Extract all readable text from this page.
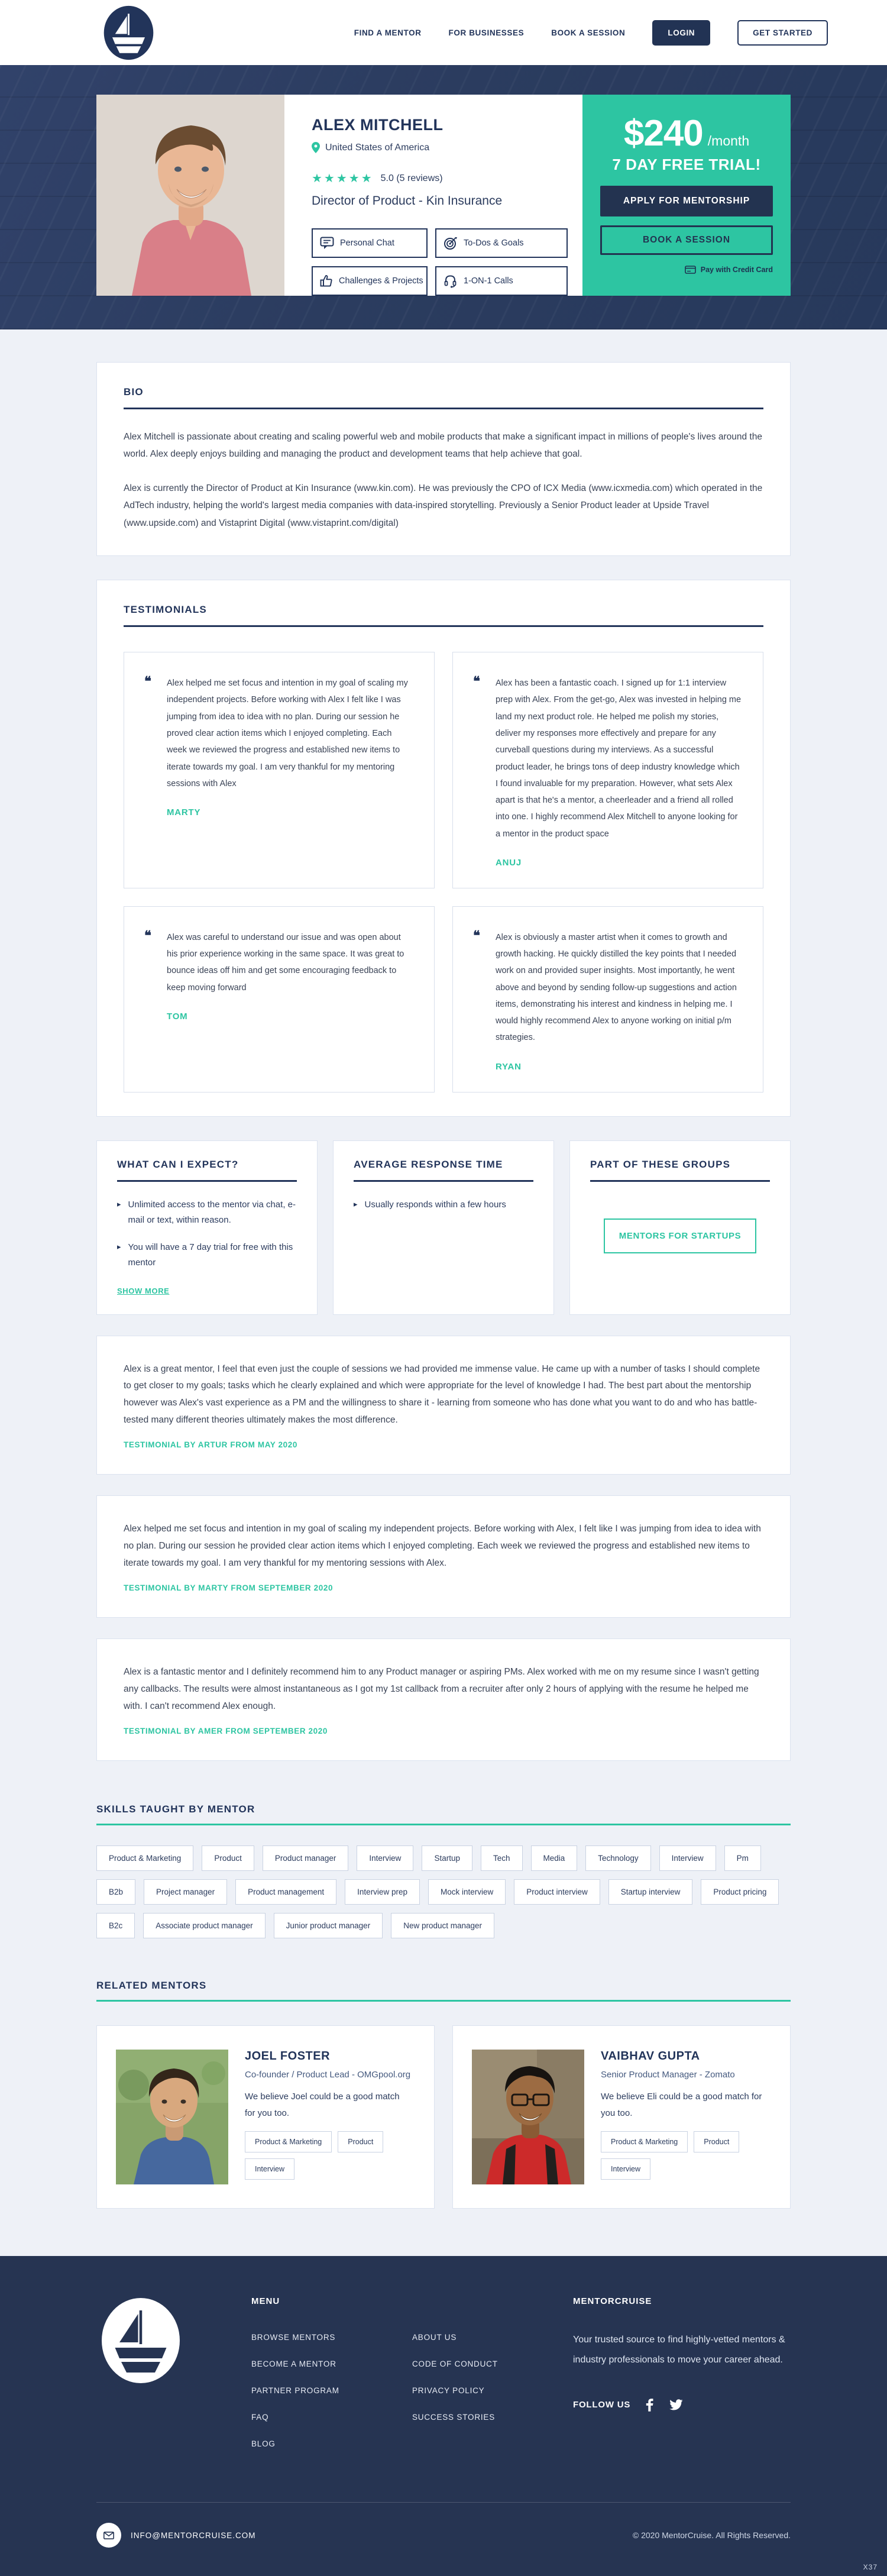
FIND A MENTOR	FOR BUSINESSES	BOOK A SESSION	LOGIN	GET STARTED
ALEX MITCHELL
United States of America
★★★★★ 5.0 (5 reviews)
Director of Product - Kin Insurance
Personal Chat	To-Dos & Goals
Challenges & Projects	1-ON-1 Calls
$240 /month
7 DAY FREE TRIAL!
APPLY FOR MENTORSHIP
BOOK A SESSION
Pay with Credit Card
BIO

Alex Mitchell is passionate about creating and scaling powerful web and mobile products that make a significant impact in millions of people's lives around the world. Alex deeply enjoys building and managing the product and development teams that help achieve that goal.

Alex is currently the Director of Product at Kin Insurance (www.kin.com). He was previously the CPO of ICX Media (www.icxmedia.com) which operated in the AdTech industry, helping the world's largest media companies with data-inspired storytelling. Previously a Senior Product leader at Upside Travel (www.upside.com) and Vistaprint Digital (www.vistaprint.com/digital)

TESTIMONIALS
❝	Alex helped me set focus and intention in my goal of scaling my independent projects. Before working with Alex I felt like I was jumping from idea to idea with no plan. During our session he proved clear action items which I enjoyed completing. Each week we reviewed the progress and established new items to iterate towards my goal. I am very thankful for my mentoring sessions with Alex
MARTY
❝	Alex has been a fantastic coach. I signed up for 1:1 interview prep with Alex. From the get-go, Alex was invested in helping me land my next product role. He helped me polish my stories, deliver my responses more effectively and prepare for any curveball questions during my interviews. As a successful product leader, he brings tons of deep industry knowledge which I found invaluable for my preparation. However, what sets Alex apart is that he's a mentor, a cheerleader and a friend all rolled into one. I highly recommend Alex Mitchell to anyone looking for a mentor in the product space
ANUJ
❝	Alex was careful to understand our issue and was open about his prior experience working in the same space. It was great to bounce ideas off him and get some encouraging feedback to keep moving forward
TOM
❝	Alex is obviously a master artist when it comes to growth and growth hacking. He quickly distilled the key points that I needed work on and provided super insights. Most importantly, he went above and beyond by sending follow-up suggestions and action items, demonstrating his interest and kindness in helping me. I would highly recommend Alex to anyone working on initial p/m strategies.
RYAN
WHAT CAN I EXPECT?
▸ Unlimited access to the mentor via chat, e-mail or text, within reason.
▸ You will have a 7 day trial for free with this mentor
SHOW MORE
AVERAGE RESPONSE TIME
▸ Usually responds within a few hours
PART OF THESE GROUPS
MENTORS FOR STARTUPS

Alex is a great mentor, I feel that even just the couple of sessions we had provided me immense value. He came up with a number of tasks I should complete to get closer to my goals; tasks which he clearly explained and which were appropriate for the level of knowledge I had. The best part about the mentorship however was Alex's vast experience as a PM and the willingness to share it - learning from someone who has done what you want to do and who has battle-tested many different theories ultimately makes the most difference.

TESTIMONIAL BY ARTUR FROM MAY 2020

Alex helped me set focus and intention in my goal of scaling my independent projects. Before working with Alex, I felt like I was jumping from idea to idea with no plan. During our session he provided clear action items which I enjoyed completing. Each week we reviewed the progress and established new items to iterate towards my goal. I am very thankful for my mentoring sessions with Alex.

TESTIMONIAL BY MARTY FROM SEPTEMBER 2020

Alex is a fantastic mentor and I definitely recommend him to any Product manager or aspiring PMs. Alex worked with me on my resume since I wasn't getting any callbacks. The results were almost instantaneous as I got my 1st callback from a recruiter after only 2 hours of applying with the resume he helped me with. I can't recommend Alex enough.

TESTIMONIAL BY AMER FROM SEPTEMBER 2020
SKILLS TAUGHT BY MENTOR
Product & Marketing	Product	Product manager	Interview	Startup	Tech	Media	Technology	Interview	Pm
B2b	Project manager	Product management	Interview prep	Mock interview	Product interview	Startup interview	Product pricing
B2c	Associate product manager	Junior product manager	New product manager
RELATED MENTORS
JOEL FOSTER
Co-founder / Product Lead - OMGpool.org
We believe Joel could be a good match for you too.
Product & Marketing	Product
Interview
VAIBHAV GUPTA
Senior Product Manager - Zomato
We believe Eli could be a good match for you too.
Product & Marketing	Product
Interview
MENU
BROWSE MENTORS
BECOME A MENTOR
PARTNER PROGRAM
FAQ
BLOG
ABOUT US
CODE OF CONDUCT
PRIVACY POLICY
SUCCESS STORIES
MENTORCRUISE

Your trusted source to find highly-vetted mentors & industry professionals to move your career ahead.

FOLLOW US
INFO@MENTORCRUISE.COM	© 2020 MentorCruise. All Rights Reserved.
X37
